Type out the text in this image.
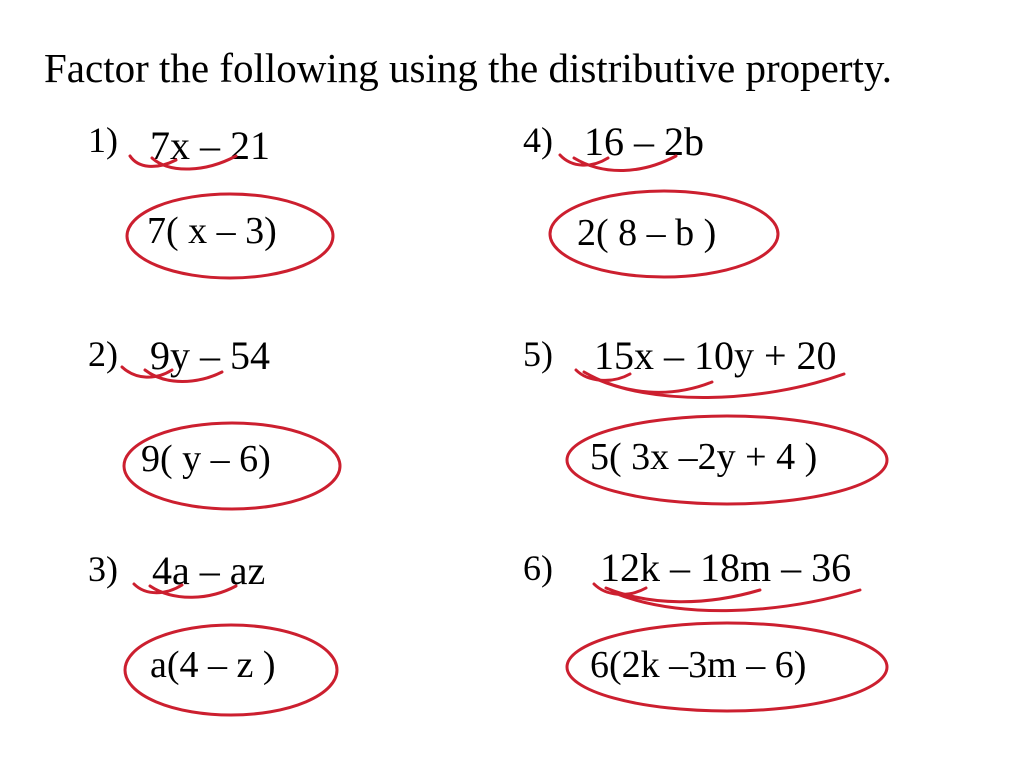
Factor the following using the distributive property.
1) 7x – 21
7( x – 3)
2) 9y – 54
9( y – 6)
3) 4a – az
a(4 – z )
4) 16 – 2b
2( 8 – b )
5) 15x – 10y + 20
5( 3x –2y + 4 )
6) 12k – 18m – 36
6(2k –3m – 6)
